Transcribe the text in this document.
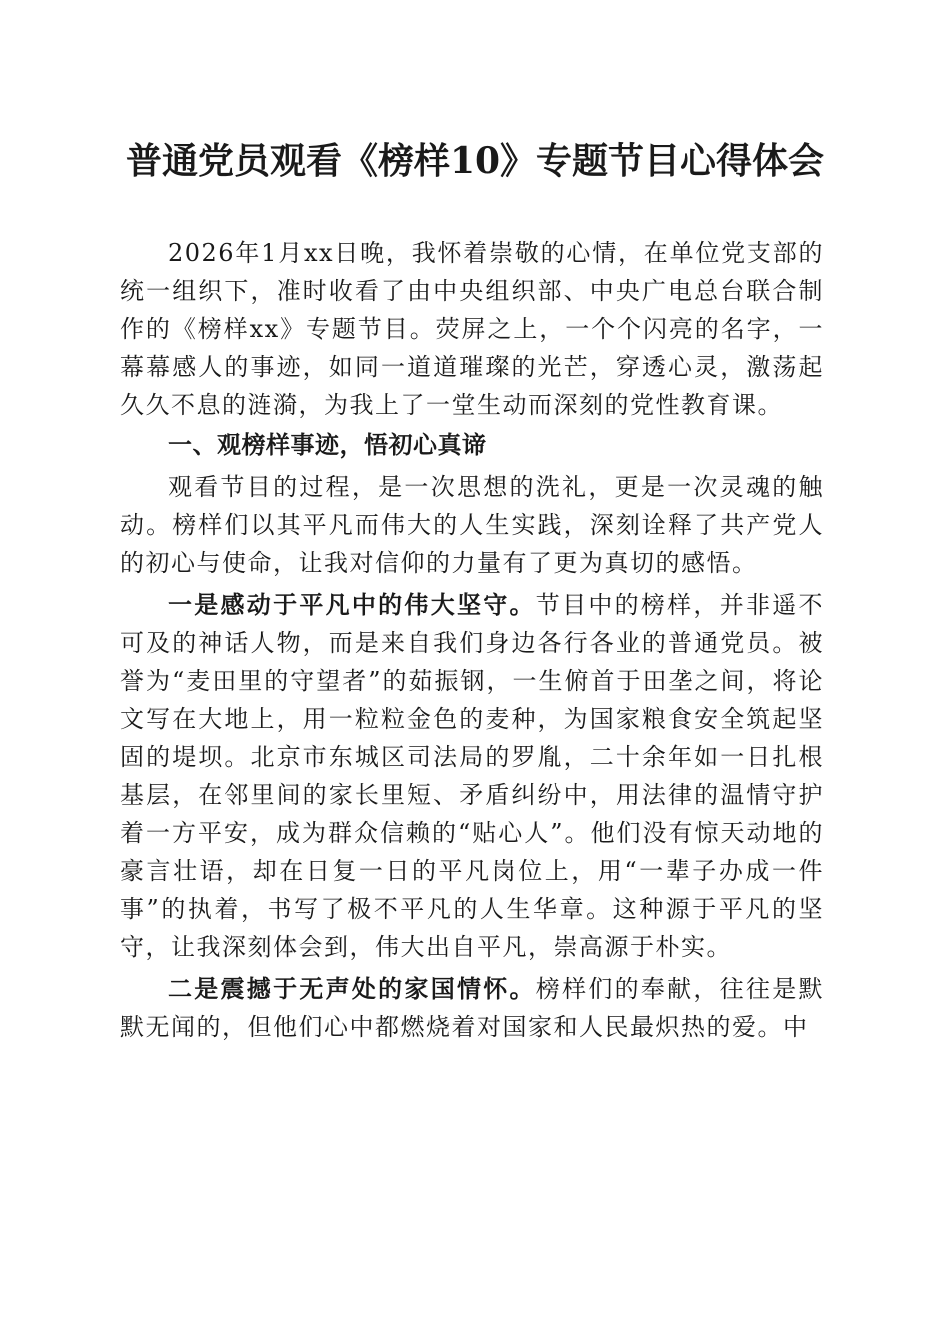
普通党员观看《榜样10》专题节目心得体会

2026年1月xx日晚，我怀着崇敬的心情，在单位党支部的统一组织下，准时收看了由中央组织部、中央广电总台联合制作的《榜样xx》专题节目。荧屏之上，一个个闪亮的名字，一幕幕感人的事迹，如同一道道璀璨的光芒，穿透心灵，激荡起久久不息的涟漪，为我上了一堂生动而深刻的党性教育课。

一、观榜样事迹，悟初心真谛

观看节目的过程，是一次思想的洗礼，更是一次灵魂的触动。榜样们以其平凡而伟大的人生实践，深刻诠释了共产党人的初心与使命，让我对信仰的力量有了更为真切的感悟。

一是感动于平凡中的伟大坚守。节目中的榜样，并非遥不可及的神话人物，而是来自我们身边各行各业的普通党员。被誉为“麦田里的守望者”的茹振钢，一生俯首于田垄之间，将论文写在大地上，用一粒粒金色的麦种，为国家粮食安全筑起坚固的堤坝。北京市东城区司法局的罗胤，二十余年如一日扎根基层，在邻里间的家长里短、矛盾纠纷中，用法律的温情守护着一方平安，成为群众信赖的“贴心人”。他们没有惊天动地的豪言壮语，却在日复一日的平凡岗位上，用“一辈子办成一件事”的执着，书写了极不平凡的人生华章。这种源于平凡的坚守，让我深刻体会到，伟大出自平凡，崇高源于朴实。

二是震撼于无声处的家国情怀。榜样们的奉献，往往是默默无闻的，但他们心中都燃烧着对国家和人民最炽热的爱。中
